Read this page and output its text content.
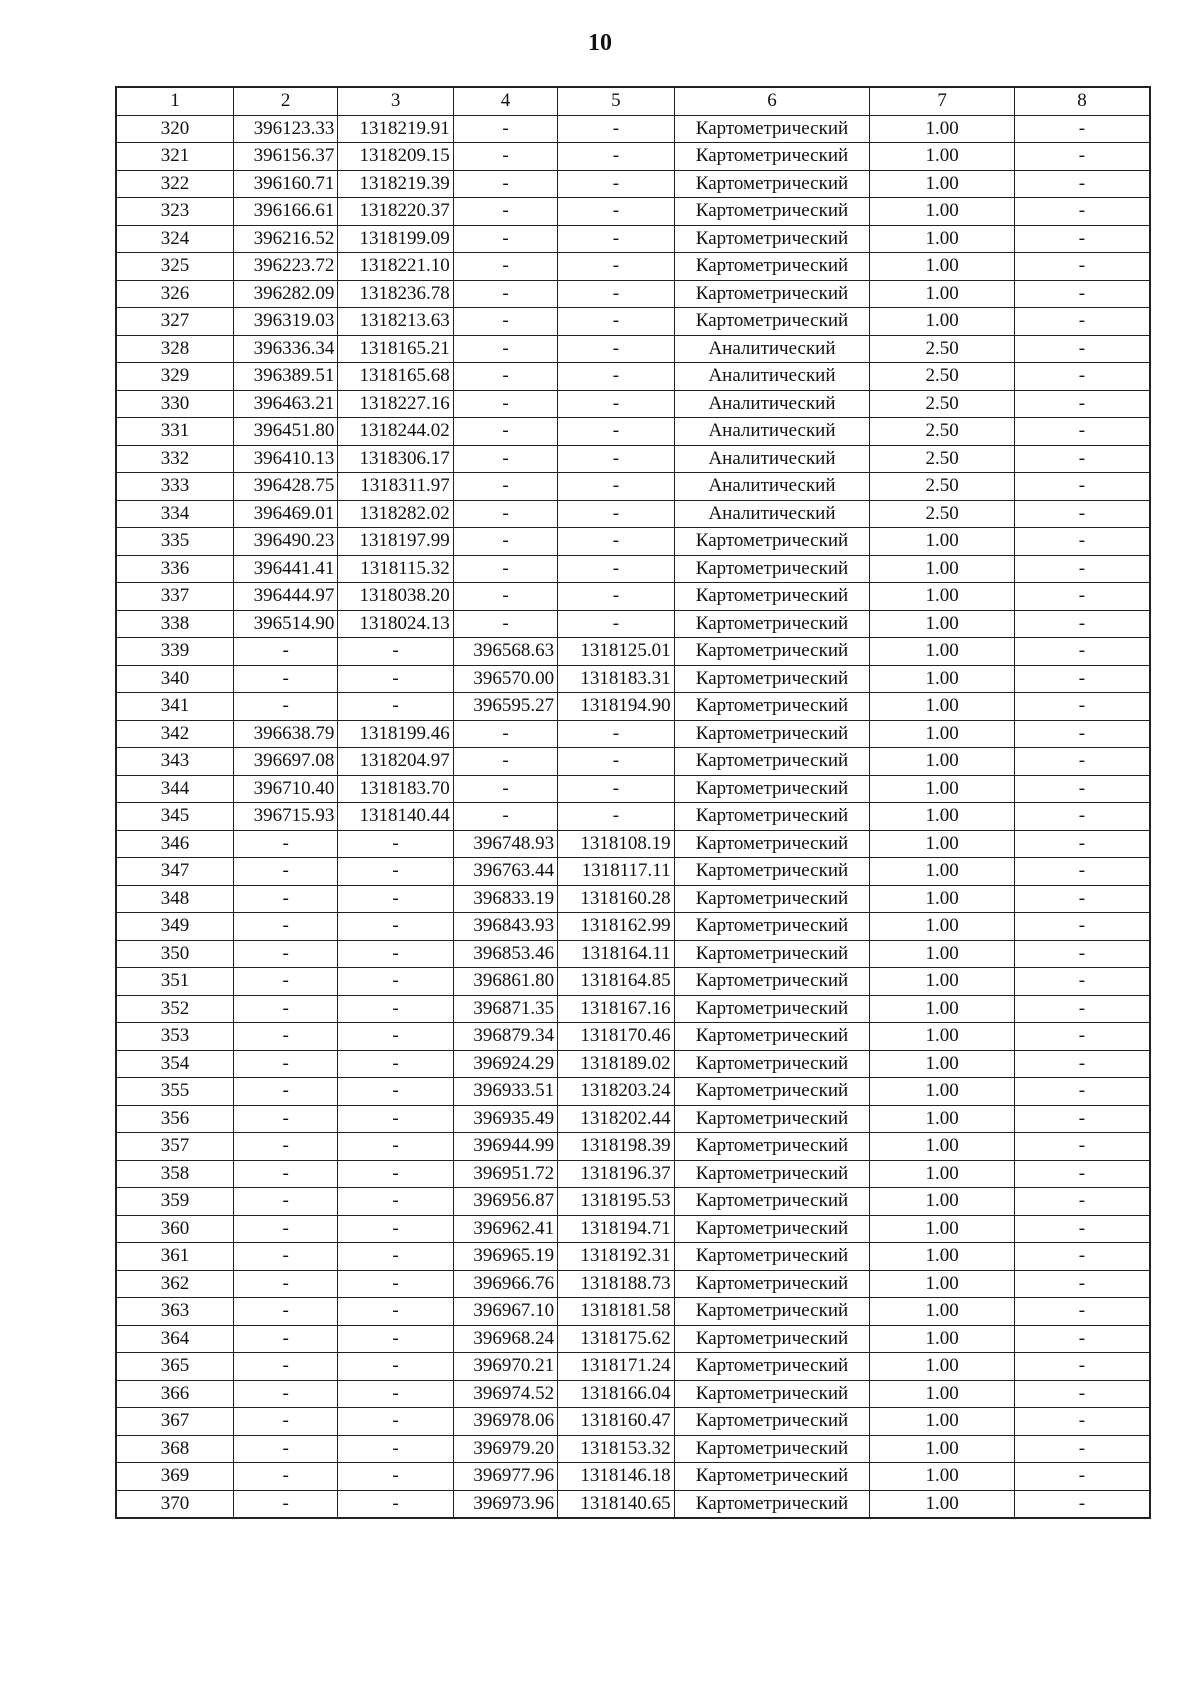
10
1	2	3	4	5	6	7	8
320	396123.33	1318219.91	-	-	Картометрический	1.00	-
321	396156.37	1318209.15	-	-	Картометрический	1.00	-
322	396160.71	1318219.39	-	-	Картометрический	1.00	-
323	396166.61	1318220.37	-	-	Картометрический	1.00	-
324	396216.52	1318199.09	-	-	Картометрический	1.00	-
325	396223.72	1318221.10	-	-	Картометрический	1.00	-
326	396282.09	1318236.78	-	-	Картометрический	1.00	-
327	396319.03	1318213.63	-	-	Картометрический	1.00	-
328	396336.34	1318165.21	-	-	Аналитический	2.50	-
329	396389.51	1318165.68	-	-	Аналитический	2.50	-
330	396463.21	1318227.16	-	-	Аналитический	2.50	-
331	396451.80	1318244.02	-	-	Аналитический	2.50	-
332	396410.13	1318306.17	-	-	Аналитический	2.50	-
333	396428.75	1318311.97	-	-	Аналитический	2.50	-
334	396469.01	1318282.02	-	-	Аналитический	2.50	-
335	396490.23	1318197.99	-	-	Картометрический	1.00	-
336	396441.41	1318115.32	-	-	Картометрический	1.00	-
337	396444.97	1318038.20	-	-	Картометрический	1.00	-
338	396514.90	1318024.13	-	-	Картометрический	1.00	-
339	-	-	396568.63	1318125.01	Картометрический	1.00	-
340	-	-	396570.00	1318183.31	Картометрический	1.00	-
341	-	-	396595.27	1318194.90	Картометрический	1.00	-
342	396638.79	1318199.46	-	-	Картометрический	1.00	-
343	396697.08	1318204.97	-	-	Картометрический	1.00	-
344	396710.40	1318183.70	-	-	Картометрический	1.00	-
345	396715.93	1318140.44	-	-	Картометрический	1.00	-
346	-	-	396748.93	1318108.19	Картометрический	1.00	-
347	-	-	396763.44	1318117.11	Картометрический	1.00	-
348	-	-	396833.19	1318160.28	Картометрический	1.00	-
349	-	-	396843.93	1318162.99	Картометрический	1.00	-
350	-	-	396853.46	1318164.11	Картометрический	1.00	-
351	-	-	396861.80	1318164.85	Картометрический	1.00	-
352	-	-	396871.35	1318167.16	Картометрический	1.00	-
353	-	-	396879.34	1318170.46	Картометрический	1.00	-
354	-	-	396924.29	1318189.02	Картометрический	1.00	-
355	-	-	396933.51	1318203.24	Картометрический	1.00	-
356	-	-	396935.49	1318202.44	Картометрический	1.00	-
357	-	-	396944.99	1318198.39	Картометрический	1.00	-
358	-	-	396951.72	1318196.37	Картометрический	1.00	-
359	-	-	396956.87	1318195.53	Картометрический	1.00	-
360	-	-	396962.41	1318194.71	Картометрический	1.00	-
361	-	-	396965.19	1318192.31	Картометрический	1.00	-
362	-	-	396966.76	1318188.73	Картометрический	1.00	-
363	-	-	396967.10	1318181.58	Картометрический	1.00	-
364	-	-	396968.24	1318175.62	Картометрический	1.00	-
365	-	-	396970.21	1318171.24	Картометрический	1.00	-
366	-	-	396974.52	1318166.04	Картометрический	1.00	-
367	-	-	396978.06	1318160.47	Картометрический	1.00	-
368	-	-	396979.20	1318153.32	Картометрический	1.00	-
369	-	-	396977.96	1318146.18	Картометрический	1.00	-
370	-	-	396973.96	1318140.65	Картометрический	1.00	-
